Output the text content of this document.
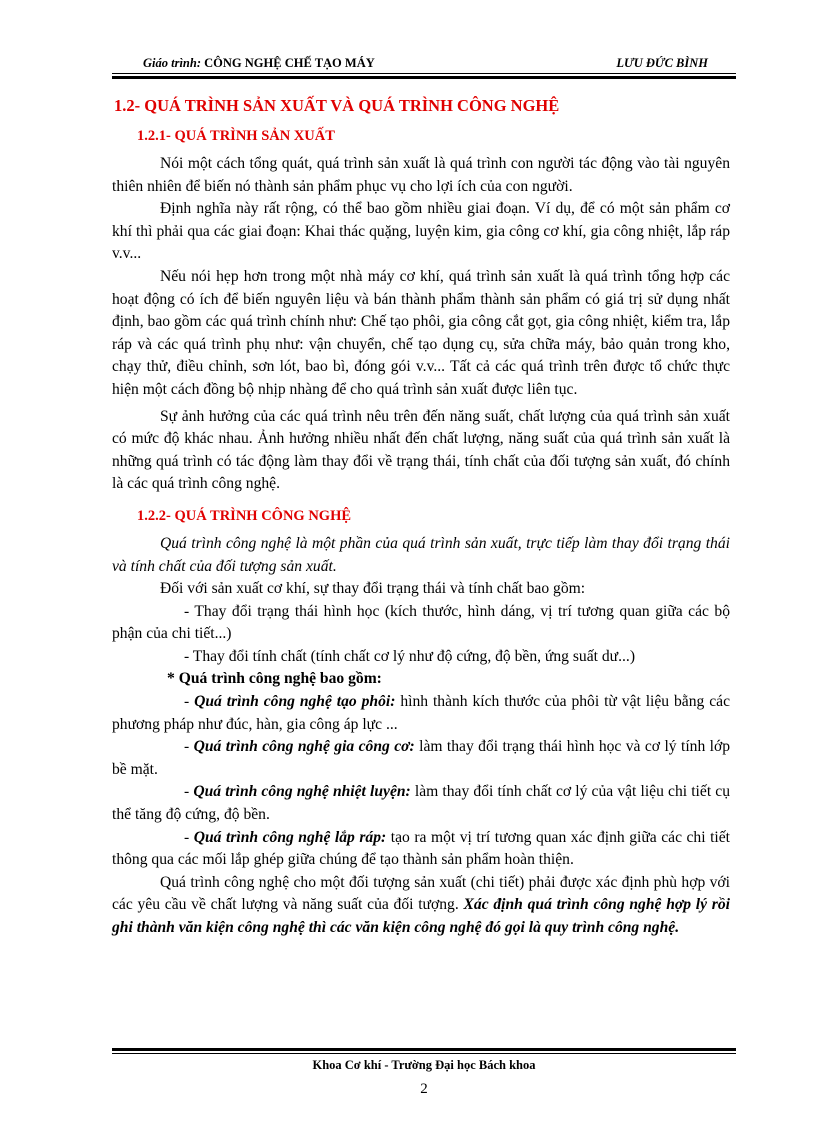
Giáo trình: CÔNG NGHỆ CHẾ TẠO MÁY	LƯU ĐỨC BÌNH
1.2- QUÁ TRÌNH SẢN XUẤT VÀ QUÁ TRÌNH CÔNG NGHỆ
1.2.1- QUÁ TRÌNH SẢN XUẤT

Nói một cách tổng quát, quá trình sản xuất là quá trình con người tác động vào tài nguyên thiên nhiên để biến nó thành sản phẩm phục vụ cho lợi ích của con người.

Định nghĩa này rất rộng, có thể bao gồm nhiều giai đoạn. Ví dụ, để có một sản phẩm cơ khí thì phải qua các giai đoạn: Khai thác quặng, luyện kim, gia công cơ khí, gia công nhiệt, lắp ráp v.v...

Nếu nói hẹp hơn trong một nhà máy cơ khí, quá trình sản xuất là quá trình tổng hợp các hoạt động có ích để biến nguyên liệu và bán thành phẩm thành sản phẩm có giá trị sử dụng nhất định, bao gồm các quá trình chính như: Chế tạo phôi, gia công cắt gọt, gia công nhiệt, kiểm tra, lắp ráp và các quá trình phụ như: vận chuyển, chế tạo dụng cụ, sửa chữa máy, bảo quản trong kho, chạy thử, điều chỉnh, sơn lót, bao bì, đóng gói v.v... Tất cả các quá trình trên được tổ chức thực hiện một cách đồng bộ nhịp nhàng để cho quá trình sản xuất được liên tục.

Sự ảnh hưởng của các quá trình nêu trên đến năng suất, chất lượng của quá trình sản xuất có mức độ khác nhau. Ảnh hưởng nhiều nhất đến chất lượng, năng suất của quá trình sản xuất là những quá trình có tác động làm thay đổi về trạng thái, tính chất của đối tượng sản xuất, đó chính là các quá trình công nghệ.

1.2.2- QUÁ TRÌNH CÔNG NGHỆ

Quá trình công nghệ là một phần của quá trình sản xuất, trực tiếp làm thay đổi trạng thái và tính chất của đối tượng sản xuất.

Đối với sản xuất cơ khí, sự thay đổi trạng thái và tính chất bao gồm:

- Thay đổi trạng thái hình học (kích thước, hình dáng, vị trí tương quan giữa các bộ phận của chi tiết...)

- Thay đổi tính chất (tính chất cơ lý như độ cứng, độ bền, ứng suất dư...)

* Quá trình công nghệ bao gồm:

- Quá trình công nghệ tạo phôi: hình thành kích thước của phôi từ vật liệu bằng các phương pháp như đúc, hàn, gia công áp lực ...

- Quá trình công nghệ gia công cơ: làm thay đổi trạng thái hình học và cơ lý tính lớp bề mặt.

- Quá trình công nghệ nhiệt luyện: làm thay đổi tính chất cơ lý của vật liệu chi tiết cụ thể tăng độ cứng, độ bền.

- Quá trình công nghệ lắp ráp: tạo ra một vị trí tương quan xác định giữa các chi tiết thông qua các mối lắp ghép giữa chúng để tạo thành sản phẩm hoàn thiện.

Quá trình công nghệ cho một đối tượng sản xuất (chi tiết) phải được xác định phù hợp với các yêu cầu về chất lượng và năng suất của đối tượng. Xác định quá trình công nghệ hợp lý rồi ghi thành văn kiện công nghệ thì các văn kiện công nghệ đó gọi là quy trình công nghệ.

Khoa Cơ khí - Trường Đại học Bách khoa
2
